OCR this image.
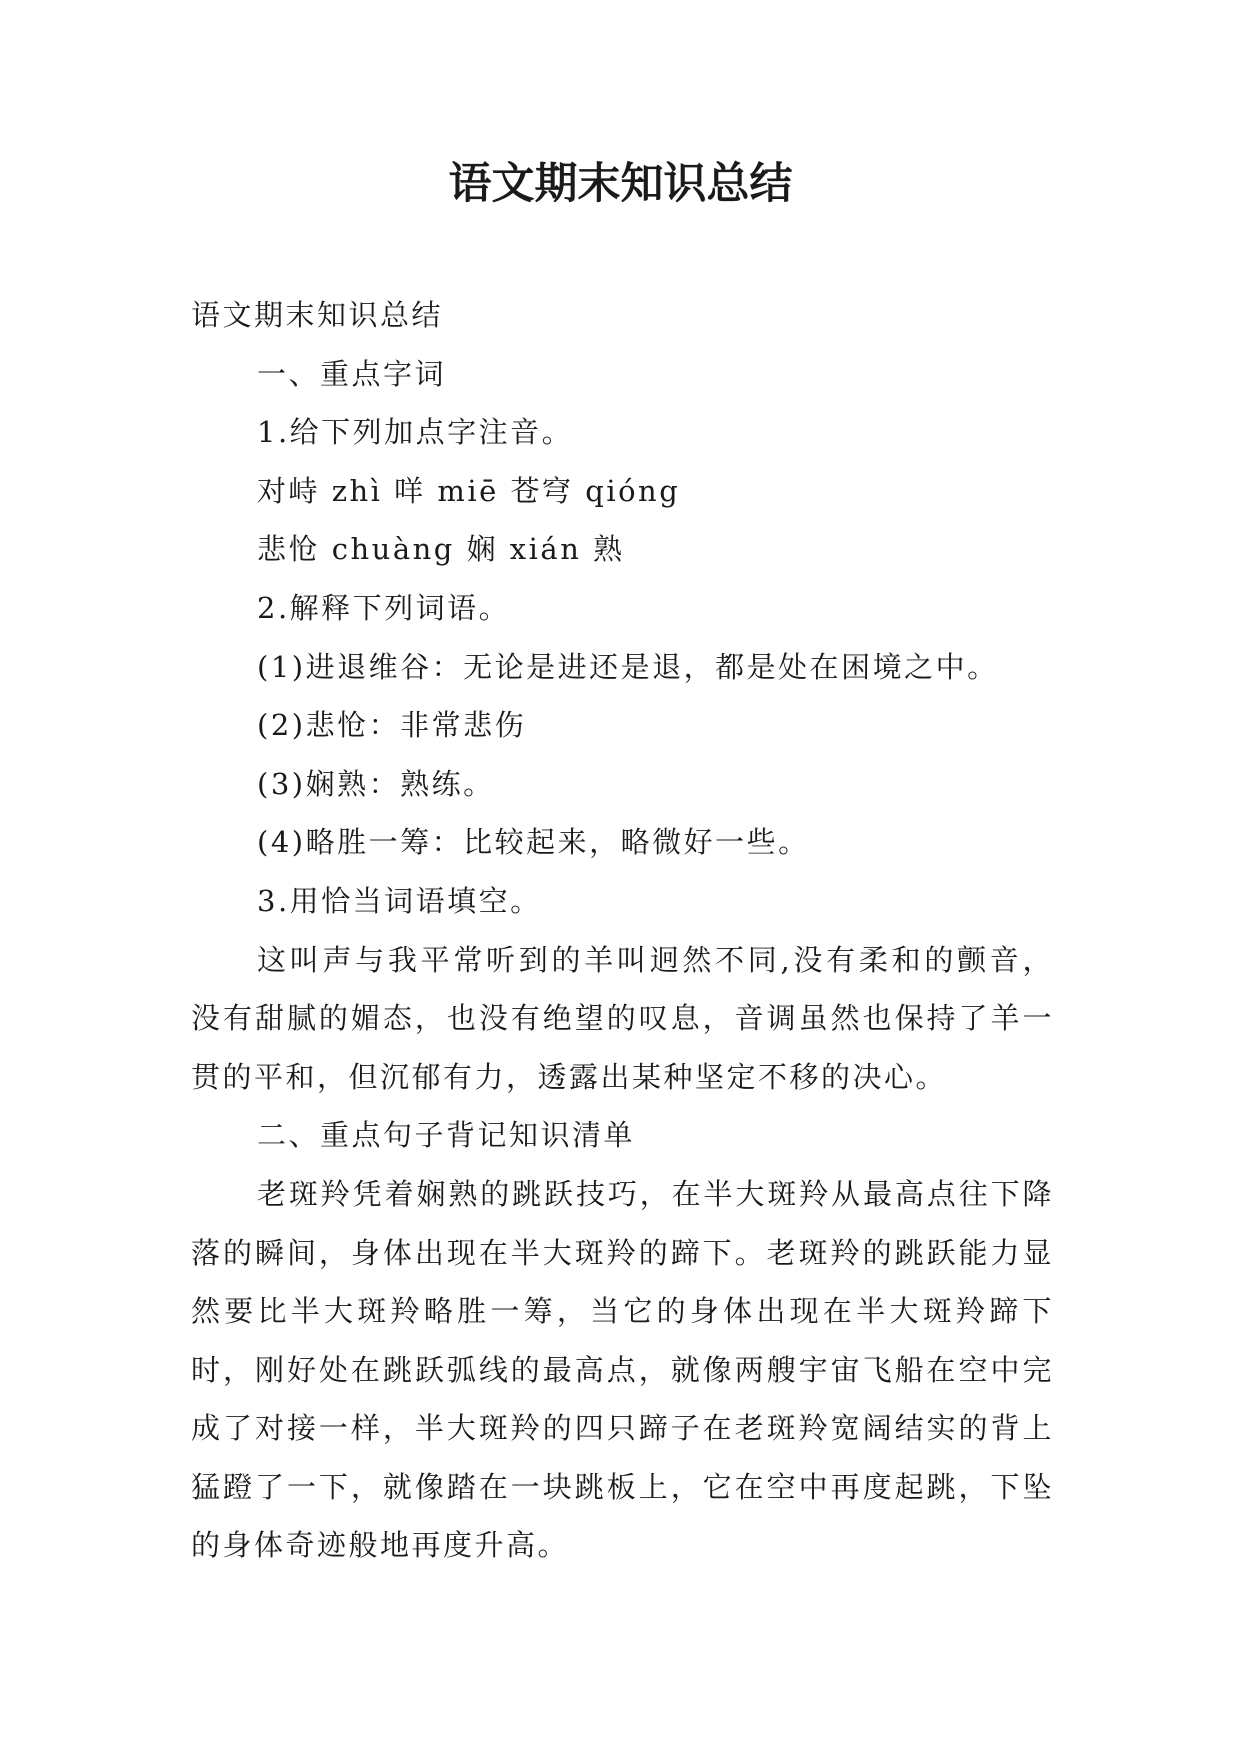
语文期末知识总结

语文期末知识总结

一、重点字词

1.给下列加点字注音。

对峙 zhì 咩 miē 苍穹 qióng

悲怆 chuàng 娴 xián 熟

2.解释下列词语。

(1)进退维谷：无论是进还是退，都是处在困境之中。

(2)悲怆：非常悲伤

(3)娴熟：熟练。

(4)略胜一筹：比较起来，略微好一些。

3.用恰当词语填空。

这叫声与我平常听到的羊叫迥然不同,没有柔和的颤音，没有甜腻的媚态，也没有绝望的叹息，音调虽然也保持了羊一贯的平和，但沉郁有力，透露出某种坚定不移的决心。

二、重点句子背记知识清单

老斑羚凭着娴熟的跳跃技巧，在半大斑羚从最高点往下降落的瞬间，身体出现在半大斑羚的蹄下。老斑羚的跳跃能力显然要比半大斑羚略胜一筹，当它的身体出现在半大斑羚蹄下时，刚好处在跳跃弧线的最高点，就像两艘宇宙飞船在空中完成了对接一样，半大斑羚的四只蹄子在老斑羚宽阔结实的背上猛蹬了一下，就像踏在一块跳板上，它在空中再度起跳，下坠的身体奇迹般地再度升高。
